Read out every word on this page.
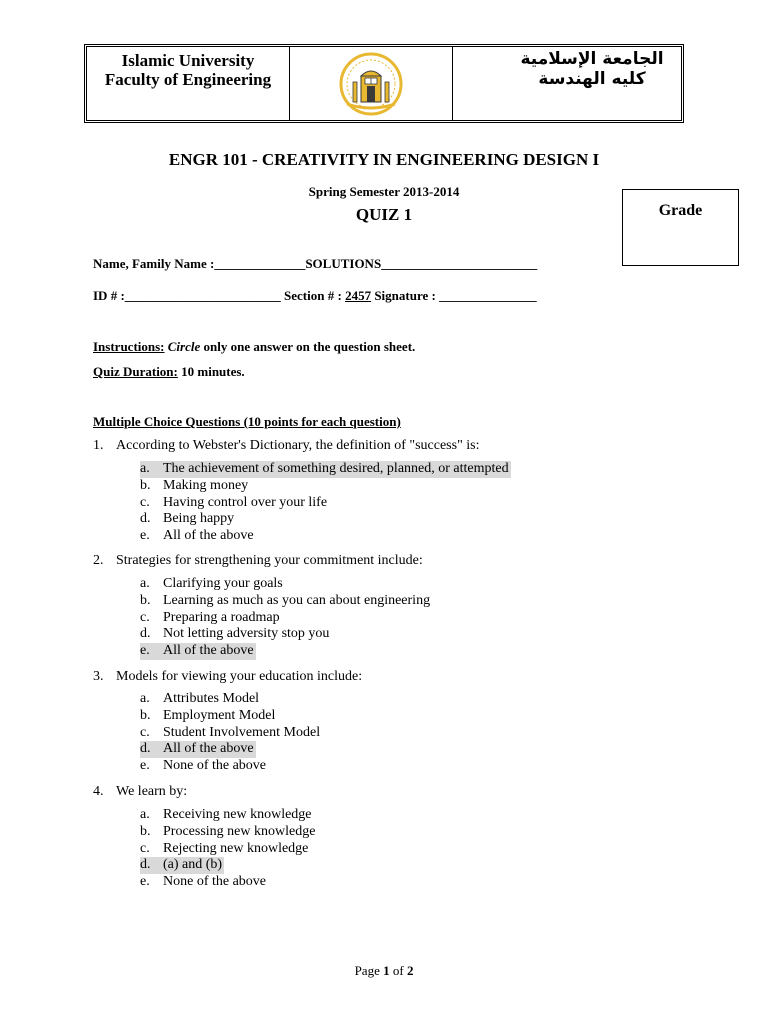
Islamic University
Faculty of Engineering
الجامعة الإسلامية
كليه الهندسة
ENGR 101 - CREATIVITY IN ENGINEERING DESIGN I
Spring Semester 2013-2014
QUIZ 1	Grade
Name, Family Name :______________SOLUTIONS________________________
ID # :________________________ Section # : 2457 Signature : _______________
Instructions: Circle only one answer on the question sheet.
Quiz Duration: 10 minutes.
Multiple Choice Questions (10 points for each question)
1. According to Webster's Dictionary, the definition of "success" is:
a. The achievement of something desired, planned, or attempted
b. Making money
c. Having control over your life
d. Being happy
e. All of the above
2. Strategies for strengthening your commitment include:
a. Clarifying your goals
b. Learning as much as you can about engineering
c. Preparing a roadmap
d. Not letting adversity stop you
e. All of the above
3. Models for viewing your education include:
a. Attributes Model
b. Employment Model
c. Student Involvement Model
d. All of the above
e. None of the above
4. We learn by:
a. Receiving new knowledge
b. Processing new knowledge
c. Rejecting new knowledge
d. (a) and (b)
e. None of the above
Page 1 of 2
